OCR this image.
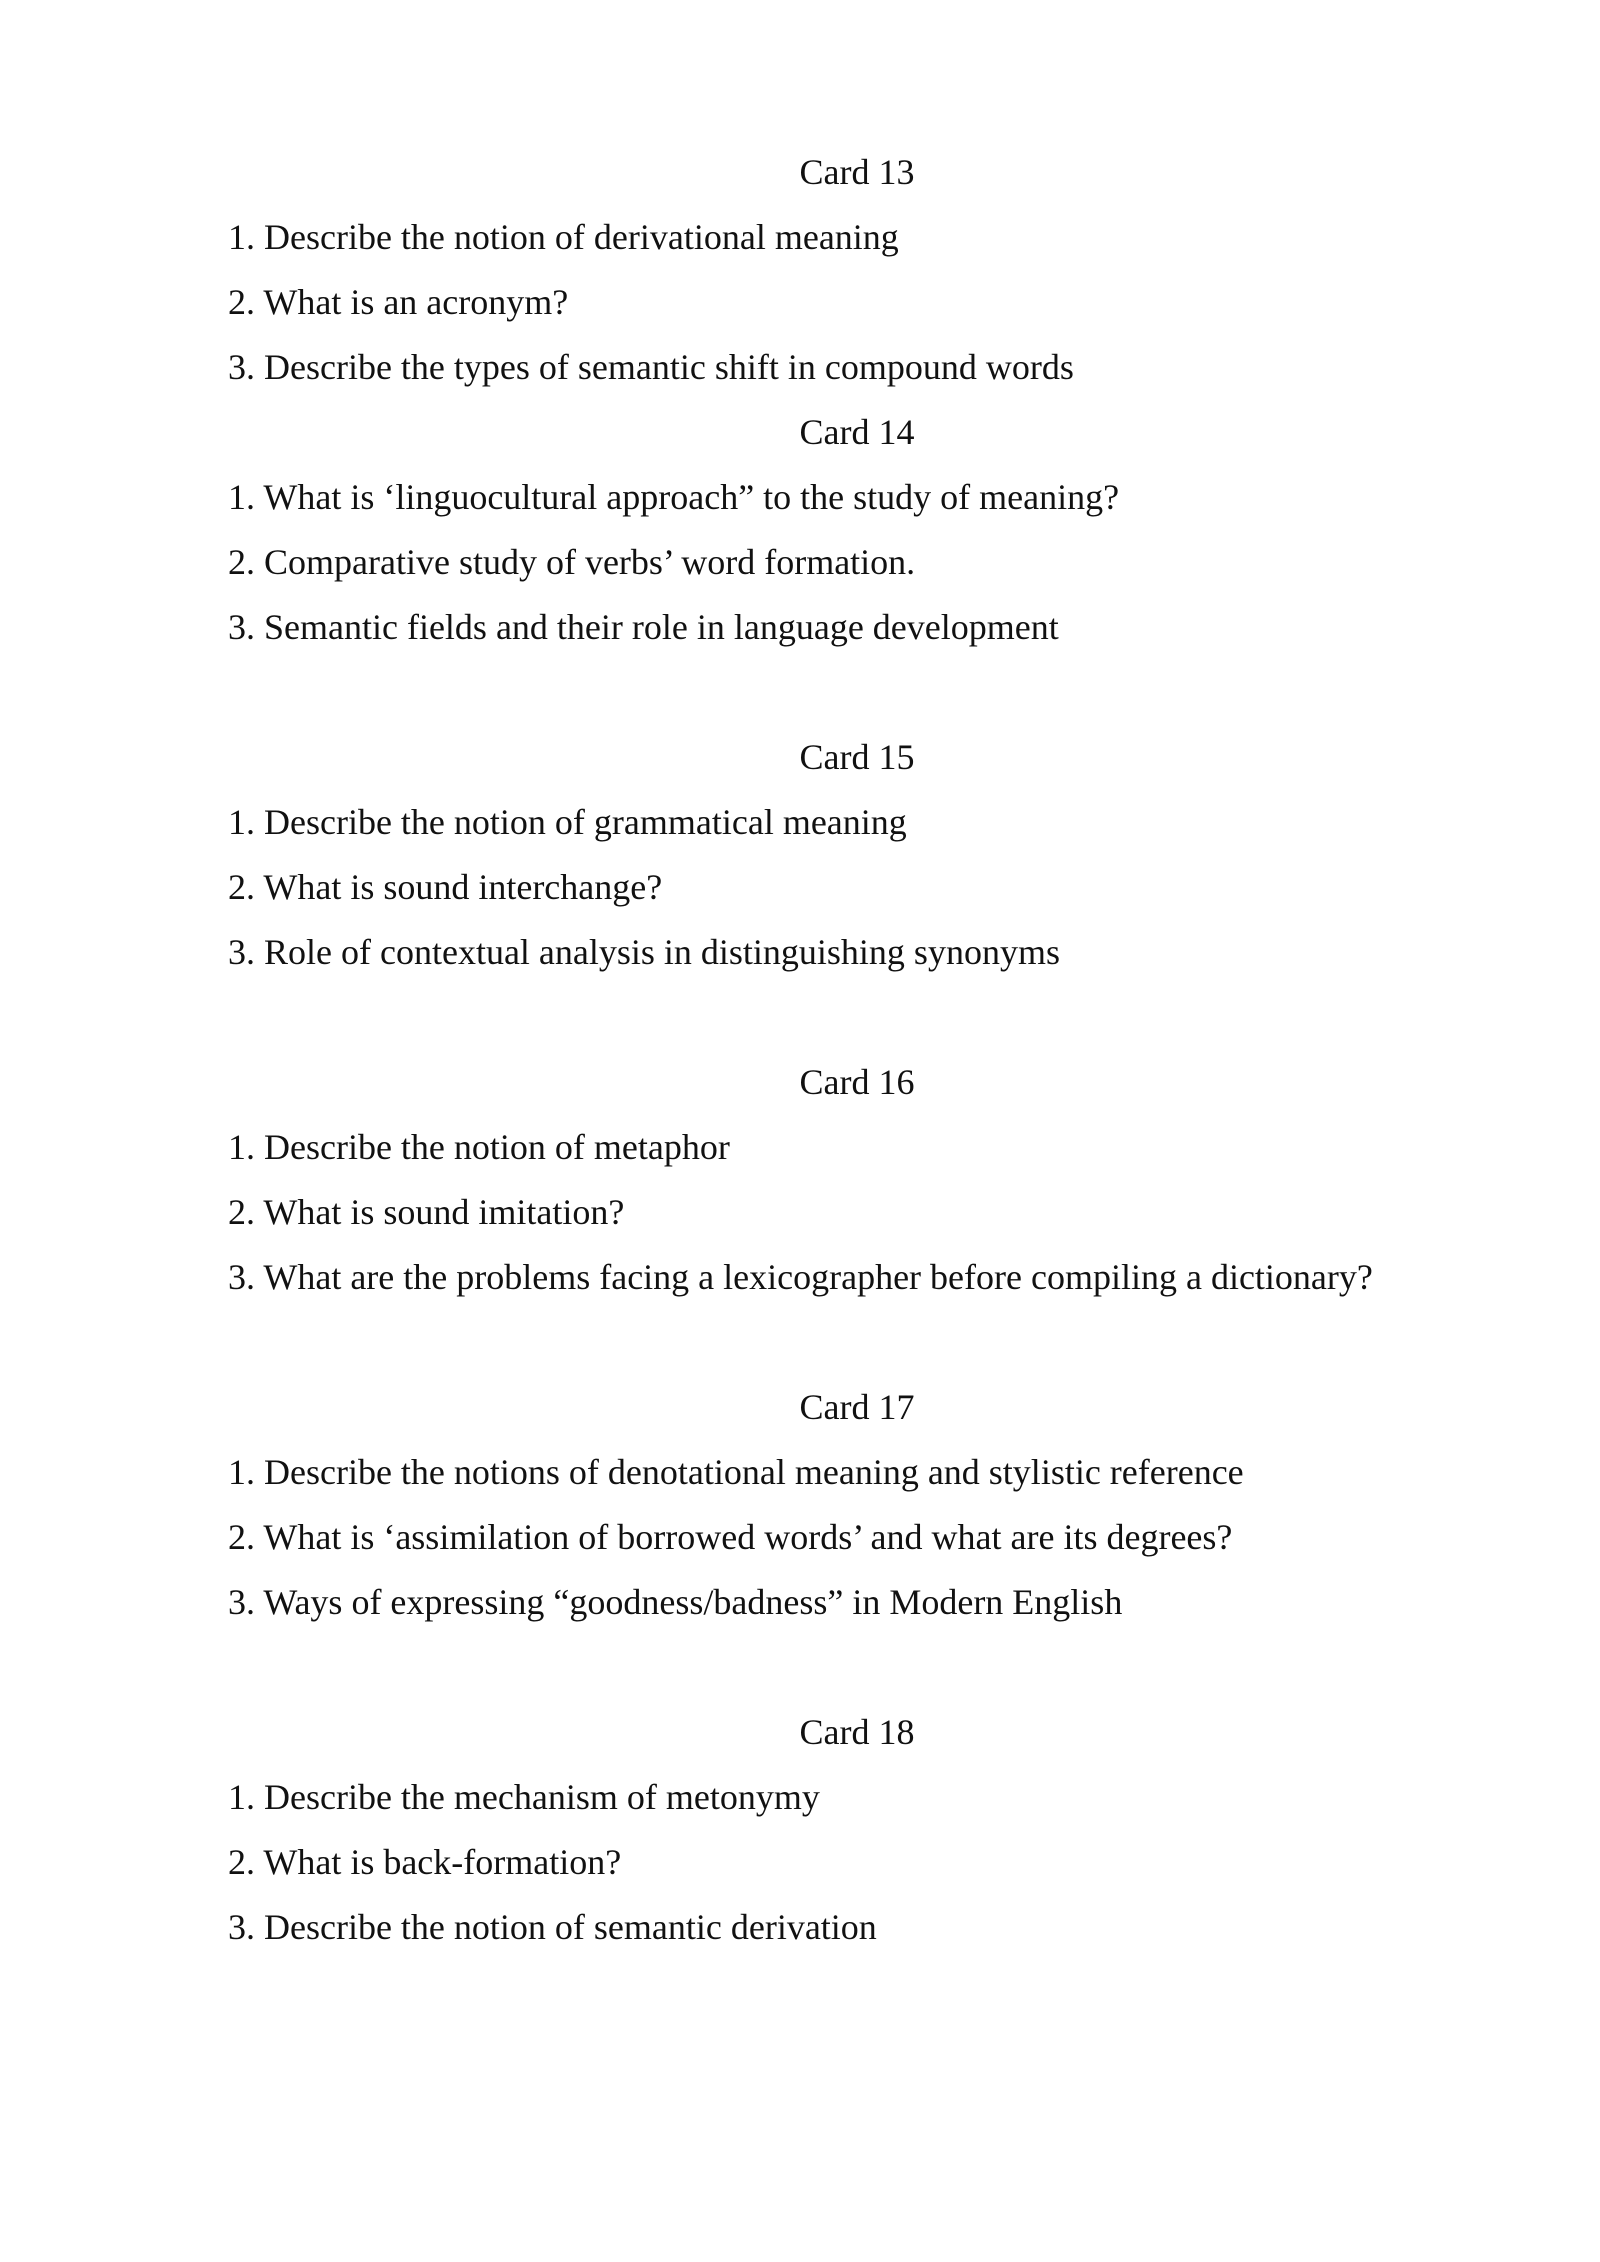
Card 13
1. Describe the notion of derivational meaning
2. What is an acronym?
3. Describe the types of semantic shift in compound words
Card 14
1. What is ‘linguocultural approach” to the study of meaning?
2. Comparative study of verbs’ word formation.
3. Semantic fields and their role in language development
Card 15
1. Describe the notion of grammatical meaning
2. What is sound interchange?
3. Role of contextual analysis in distinguishing synonyms
Card 16
1. Describe the notion of metaphor
2. What is sound imitation?
3. What are the problems facing a lexicographer before compiling a dictionary?
Card 17
1. Describe the notions of denotational meaning and stylistic reference
2. What is ‘assimilation of borrowed words’ and what are its degrees?
3. Ways of expressing “goodness/badness” in Modern English
Card 18
1. Describe the mechanism of metonymy
2. What is back-formation?
3. Describe the notion of semantic derivation
